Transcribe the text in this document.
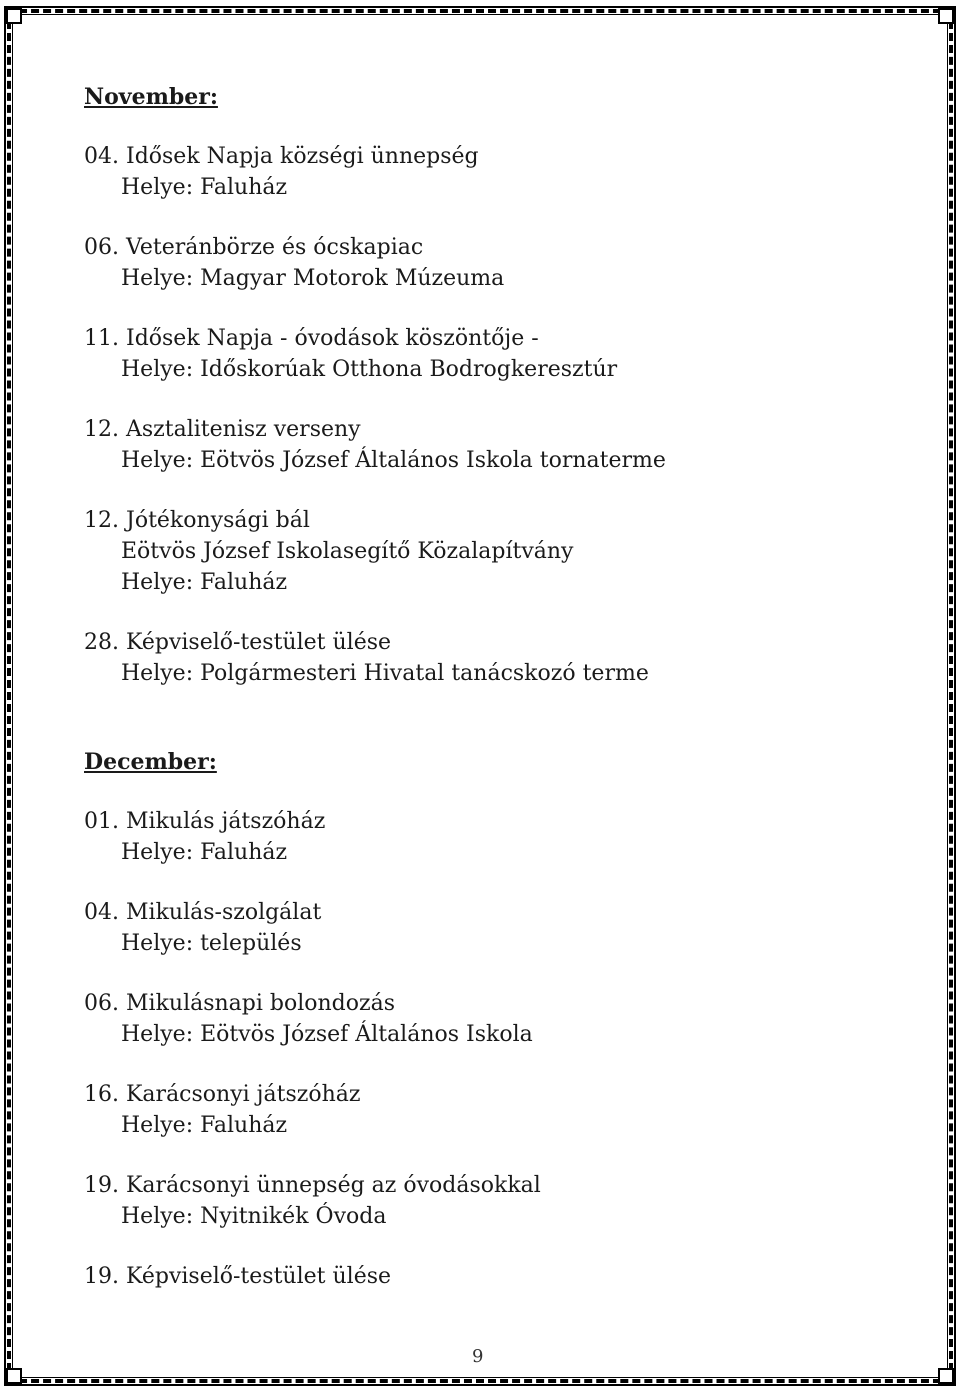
November:

04. Idősek Napja községi ünnepség
Helye: Faluház
06. Veteránbörze és ócskapiac
Helye: Magyar Motorok Múzeuma
11. Idősek Napja - óvodások köszöntője -
Helye: Időskorúak Otthona Bodrogkeresztúr
12. Asztalitenisz verseny
Helye: Eötvös József Általános Iskola tornaterme
12. Jótékonysági bál
Eötvös József Iskolasegítő Közalapítvány
Helye: Faluház
28. Képviselő-testület ülése
Helye: Polgármesteri Hivatal tanácskozó terme

December:

01. Mikulás játszóház
Helye: Faluház
04. Mikulás-szolgálat
Helye: település
06. Mikulásnapi bolondozás
Helye: Eötvös József Általános Iskola
16. Karácsonyi játszóház
Helye: Faluház
19. Karácsonyi ünnepség az óvodásokkal
Helye: Nyitnikék Óvoda
19. Képviselő-testület ülése
9
